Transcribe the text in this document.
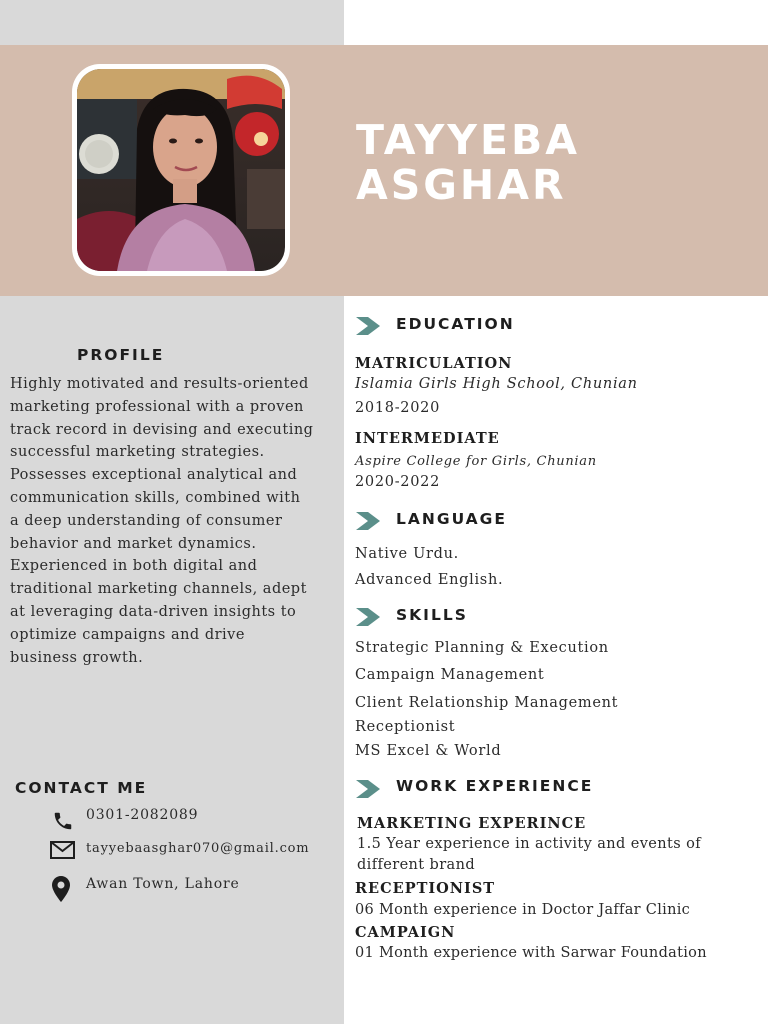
TAYYEBA
ASGHAR
PROFILE
Highly motivated and results-oriented
marketing professional with a proven
track record in devising and executing
successful marketing strategies.
Possesses exceptional analytical and
communication skills, combined with
a deep understanding of consumer
behavior and market dynamics.
Experienced in both digital and
traditional marketing channels, adept
at leveraging data-driven insights to
optimize campaigns and drive
business growth.
CONTACT ME
0301-2082089
tayyebaasghar070@gmail.com
Awan Town, Lahore
EDUCATION
MATRICULATION
Islamia Girls High School, Chunian
2018-2020
INTERMEDIATE
Aspire College for Girls, Chunian
2020-2022
LANGUAGE
Native Urdu.
Advanced English.
SKILLS
Strategic Planning & Execution
Campaign Management
Client Relationship Management
Receptionist
MS Excel & World
WORK EXPERIENCE
MARKETING EXPERINCE
1.5 Year experience in activity and events of
different brand
RECEPTIONIST
06 Month experience in Doctor Jaffar Clinic
CAMPAIGN
01 Month experience with Sarwar Foundation
